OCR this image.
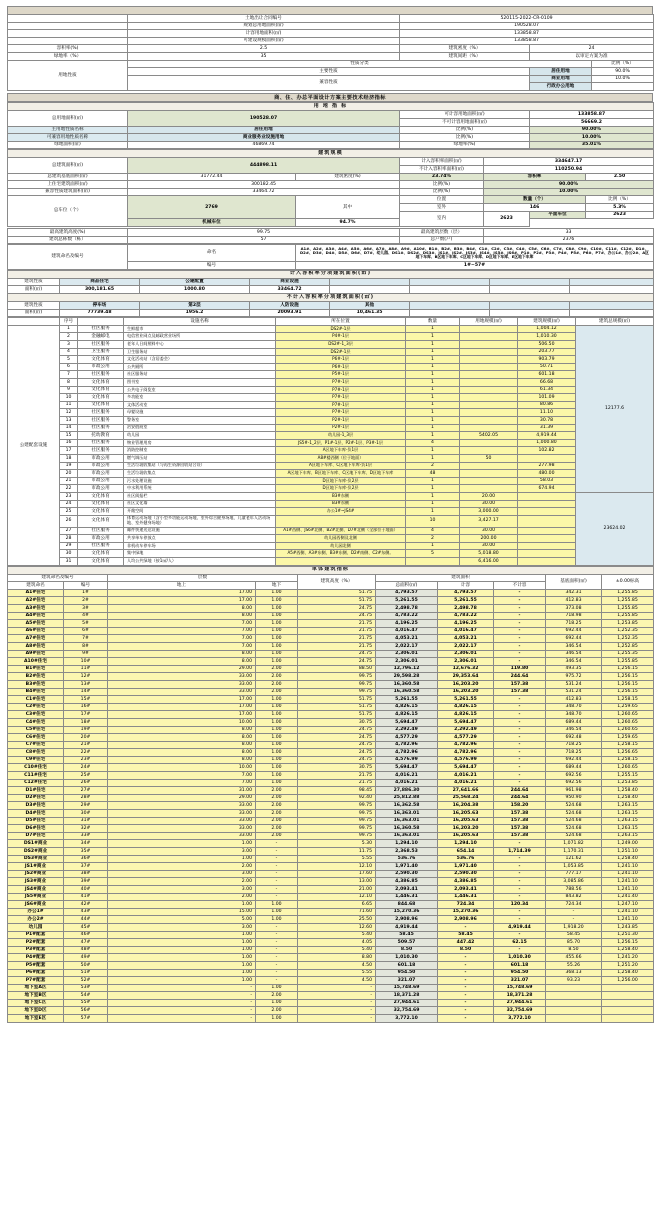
	土地出让合同编号	520115-2022-CR-0109		
	规划总用地面积(㎡)	190528.07		
	计容用地面积(㎡)	133858.87		
	可建设规模面积(㎡)	133858.87		
容积率(%)	2.5	建筑密度（%）	24	
绿地率（%）	35	建筑间距（%）	以审定方案为准	
用地性质	性质分类			比例（%）
	主要性质		居住用地	90.0%
	兼容性质		商业用地	10.0%
			行政办公用地	
商、住、办总平面设计方案主要技术经济指标
用 地 指 标			
总用地面积(㎡)	190528.07	可计容用地面积(㎡)	133858.87
		不可计容用地面积(㎡)	56669.2
主用地性质名称	居住用地	比例(%)	90.00%
可兼容用地性质名称	商业服务业设施用地	比例(%)	10.00%
绿地面积(㎡)	46869.74	绿地率(%)	35.01%
建筑规模						
总建筑面积(㎡)	444898.11		计入容积率面积(㎡)	334647.17		
			不计入容积率面积(㎡)	110250.94		
总建筑基底面积(㎡)	31772.44	建筑密度(%)	23.74%	容积率		2.50
上住宅建筑面积(㎡)	300182.45		比例(%)	90.00%		
兼容性质建筑面积(㎡)	33464.72		比例(%)	10.00%		
总车位（个）	2769	其中	位置	数量（个）		比例（%）
			室外	146		5.3%
			室内	2623	平面车位	2623
	机械车位	94.7%				

最高建筑高度(%)	99.75		最高建筑层数（层）	33		
建筑总栋数（栋）	57		总户数(户)	2376		
建筑命名及编号	命名	A1#、A2#、A3#、A4#、A5#、A6#、A7#、A8#、A9#、A10#、B1#、B2#、B3#、B4#、C1#、C2#、C3#、C4#、C5#、C6#、C7#、C8#、C9#、C10#、C11#、C12#、D1#、D2#、D3#、D4#、D5#、D6#、D7#、幼儿园、DS1#、DS2#、DS3#、JS1#、JS2#、JS3#、JS4#、JS5#、JS6#、P1#、P2#、P3#、P4#、P5#、P6#、P7#、办公1#、办公2#、A区地下车库、B区地下车库、C区地下车库、D区地下车库、E区地下车库
	编号	1#~57#
计入容积率分项建筑面积(㎡)								
建筑性质	商品住宅	公建配置	商业设施					
面积(㎡)	300,181.65	1000.80	33464.72					
不计入容积率分项建筑面积(㎡)								
建筑性质	停车场	第2层	人防设施	其他				
面积(㎡)	77739.48	1956.2	20093.91	10,461.35				
	序号		设施名称	所在位置	数量	用地规模(㎡)	建筑规模(㎡)	建筑总规模(㎡)
公建配套设施	1	社区服务	生鲜超市	DS2#-1层	1		1,004.12	12177.6
	2	金融邮电	电信营业网点及邮政营业场所	P4#-1层	1		1,010.30	
	3	社区服务	老年人日间照料中心	DS2#-1_3层	1		506.50	
	4	卫生服务	卫生服务站	DS2#-1层	1		203.77	
	5	文化体育	文化活动站（含居委会）	P6#-1层	1		903.79	
	6	市政公用	公共厕所	P6#-1层	1		50.71	
	7	社区服务	社区服务站	P5#-1层	1		601.18	
	8	文化体育	图书室	P7#-1层	1		66.68	
	9	文化体育	公共电子阅览室	P7#-1层	1		61.34	
	10	文化体育	多功能室	P7#-1层	1		101.09	
	11	文化体育	文体活动室	P7#-1层	1		80.86	
	12	社区服务	母婴设施	P7#-1层	1		11.10	
	13	社区服务	警务室	P2#-1层	1		30.78	
	14	社区服务	治安值班室	P2#-1层	1		31.39	
	15	托幼教育	幼儿园	幼儿园-1_3层	1	5402.05	4,919.44	
	16	社区服务	物业管理用房	JS5#-1_2层、P1#-1层、P2#-1层、P3#-1层	4		1,000.80	
	17	社区服务	消防控制室	A区地下车库-负1层	1		102.82	
	18	市政公用	燃气调压站	A8#楼西侧（位于地面）	1	50		
	19	市政公用	生活垃圾收集站（与再生资源回收站合设）	A区地下车库、C区地下车库-负1层	2		277.98	
	20	市政公用	生活垃圾收集点	A区地下车库、B区地下车库、C区地下车库、D区地下车库	48		480.00	
	21	市政公用	污水处理设施	D区地下车库-负2层	1		58.03	
	22	市政公用	中水利用系统	D区地下车库-负2层	1		674.94	
	23	文化体育	社区阅报栏	B3#东侧	1	20.00		23624.02
	24	文化体育	社区文化墙	B3#东侧	1	30.00		
	25	文化体育	开敞空间	办公1#~JS4#	1	3,000.00		
	26	文化体育	体育运动场地（含小型多功能运动场地、室外综合健身场地、儿童老年人活动场地、室外健身场地）		10	3,427.17		
	27	社区服务	邮件快递送达设施	A1#西侧、JS6#北侧、B2#北侧、D7#北侧（全部位于地面）	4	30.00		
	28	市政公用	共享单车停放点	幼儿园西侧及北侧	2	200.00		
	29	社区服务	非机动车停车场	幼儿园北侧	1	30.00		
	30	文化体育	集中绿地	A5#西侧、A3#东侧、B3#东侧、D2#南侧、C2#东侧。	5	5,018.80		
	31	文化体育	人均公共绿地（按1㎡/人）			6,416.00		
单体建筑指标									
建筑命名及编号		层数		建筑高度（%）	建筑面积			基底面积(㎡)	±0.00标高
建筑命名	编号	地上	地下		总面积(㎡)	计容	不计容		
A1#住宅	1#	17.00	1.00	51.75	4,793.57	4,793.57	-	342.31	1,255.85
A2#住宅	2#	17.00	1.00	51.75	5,261.55	5,261.55	-	412.83	1,255.85
A3#住宅	3#	8.00	1.00	24.75	2,498.78	2,498.78	-	373.08	1,255.85
A4#住宅	4#	8.00	1.00	24.75	4,783.22	4,783.22	-	718.98	1,255.85
A5#住宅	5#	7.00	1.00	21.75	4,196.25	4,196.25	-	718.25	1,253.85
A6#住宅	6#	7.00	1.00	21.75	4,016.47	4,016.47	-	692.44	1,252.35
A7#住宅	7#	7.00	1.00	21.75	4,053.21	4,053.21	-	692.44	1,252.35
A8#住宅	8#	7.00	1.00	21.75	2,022.17	2,022.17	-	346.54	1,252.85
A9#住宅	9#	8.00	1.00	24.75	2,306.01	2,306.01	-	346.54	1,255.35
A10#住宅	10#	8.00	1.00	24.75	2,306.01	2,306.01	-	346.54	1,255.85
B1#住宅	11#	29.00	2.00	88.50	12,796.12	12,676.32	119.80	493.35	1,256.15
B2#住宅	12#	33.00	2.00	99.75	29,598.28	29,353.64	244.64	975.72	1,256.15
B3#住宅	13#	33.00	2.00	99.75	16,360.58	16,203.20	157.38	531.24	1,256.15
B4#住宅	14#	33.00	2.00	99.75	16,360.58	16,203.20	157.38	531.24	1,256.15
C1#住宅	15#	17.00	1.00	51.75	5,261.55	5,261.55	-	412.83	1,258.15
C2#住宅	16#	17.00	1.00	51.75	4,826.15	4,826.15	-	348.70	1,259.65
C3#住宅	17#	17.00	1.00	51.75	4,826.15	4,826.15	-	348.70	1,260.65
C4#住宅	18#	10.00	1.00	30.75	5,694.47	5,694.47	-	689.44	1,260.65
C5#住宅	19#	8.00	1.00	24.75	2,292.49	2,292.49	-	346.54	1,260.65
C6#住宅	20#	8.00	1.00	24.75	4,577.29	4,577.29	-	692.48	1,259.65
C7#住宅	21#	8.00	1.00	24.75	4,782.96	4,782.96	-	718.25	1,258.15
C8#住宅	22#	8.00	1.00	24.75	4,782.96	4,782.96	-	718.25	1,256.65
C9#住宅	23#	8.00	1.00	24.75	4,576.99	4,576.99	-	692.44	1,258.15
C10#住宅	24#	10.00	1.00	30.75	5,694.47	5,694.47	-	689.44	1,260.65
C11#住宅	25#	7.00	1.00	21.75	4,016.21	4,016.21	-	692.56	1,255.15
C12#住宅	26#	7.00	1.00	21.75	4,016.21	4,016.21	-	692.56	1,253.85
D1#住宅	27#	31.00	2.00	98.45	27,886.30	27,641.66	244.64	961.98	1,258.40
D2#住宅	28#	29.00	2.00	92.40	25,812.88	25,568.24	244.64	950.90	1,258.40
D3#住宅	29#	33.00	2.00	99.75	16,362.58	16,204.38	158.20	524.68	1,263.15
D4#住宅	30#	33.00	2.00	99.75	16,363.01	16,205.63	157.38	524.68	1,263.15
D5#住宅	31#	33.00	2.00	99.75	16,363.01	16,205.63	157.38	524.68	1,263.15
D6#住宅	32#	33.00	2.00	99.75	16,360.58	16,203.20	157.38	524.68	1,263.15
D7#住宅	33#	33.00	2.00	99.75	16,363.01	16,205.63	157.38	524.68	1,263.15
DS1#商业	34#	1.00	-	5.30	1,294.10	1,294.10	-	1,071.82	1,249.00
DS2#商业	35#	3.00	-	11.75	2,368.53	654.14	1,714.39	1,170.31	1,251.10
DS3#商业	36#	1.00	-	5.55	536.76	536.76	-	121.62	1,258.40
JS1#商业	37#	2.00	-	12.10	1,971.40	1,971.40	-	1,053.85	1,241.10
JS2#商业	38#	3.00	-	17.60	2,590.30	2,590.30	-	777.17	1,241.10
JS3#商业	39#	2.00	-	13.00	4,386.85	4,386.85	-	3,085.86	1,241.10
JS4#商业	40#	3.00	-	21.00	2,093.41	2,093.41	-	788.56	1,241.10
JS5#商业	41#	2.00	-	12.10	1,446.31	1,446.31	-	843.82	1,241.40
JS6#商业	42#	1.00	1.00	6.65	844.68	724.34	120.34	724.34	1,247.10
办公1#	43#	15.00	1.00	71.60	15,270.36	15,270.36	-	-	1,241.10
办公2#	44#	5.00	1.00	25.50	2,908.96	2,908.96	-	-	1,241.10
幼儿园	45#	3.00	-	12.60	4,919.44	-	4,919.44	1,918.20	1,243.85
P1#配套	46#	1.00	-	5.40	58.45	58.45	-	58.45	1,251.30
P2#配套	47#	1.00	-	4.05	509.57	447.42	62.15	85.70	1,256.15
P3#配套	48#	1.00	-	5.40	8.50	8.50	-	8.50	1,258.40
P4#配套	49#	1.00	-	8.80	1,010.30	-	1,010.30	455.66	1,241.20
P5#配套	50#	1.00	-	4.50	601.18	-	601.18	55.26	1,251.20
P6#配套	51#	1.00	-	5.55	954.50	-	954.50	368.13	1,258.40
P7#配套	52#	1.00	-	4.50	321.07	-	321.07	93.23	1,256.00
地下室A区	53#	-	1.00	-	15,748.69	-	15,748.69		
地下室B区	54#	-	2.00	-	18,371.28	-	18,371.28		
地下室C区	55#	-	1.00	-	27,944.61	-	27,944.61		
地下室D区	56#	-	2.00	-	32,754.69	-	32,754.69		
地下室E区	57#	-	1.00	-	3,772.10	-	3,772.10		
